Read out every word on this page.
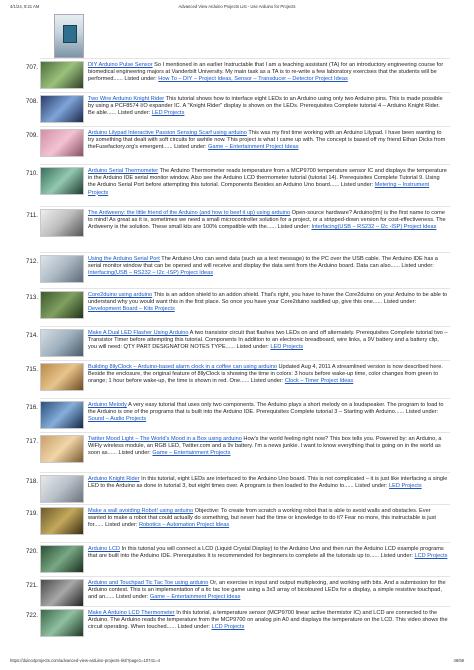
4/1/24, 9:21 AM	Advanced View Arduino Projects List - Use Arduino for Projects
707.	DIY Arduino Pulse Sensor So I mentioned in an earlier Instructable that I am a teaching assistant (TA) for an introductory engineering course for biomedical engineering majors at Vanderbilt University. My main task as a TA is to re-write a few laboratory exercises that the students will be performed...... Listed under: How To – DIY – Project Ideas, Sensor – Transducer – Detector Project Ideas
708.	Two Wire Arduino Knight Rider This tutorial shows how to interface eight LEDs to an Arduino using only two Arduino pins. This is made possible by using a PCF8574 I/O expander IC. A "Knight Rider" display is shown on the LEDs. Prerequisites Complete tutorial 4 – Arduino Knight Rider. Be able...... Listed under: LED Projects
709.	Arduino Lilypad Interactive Passion Sensing Scarf using arduino This was my first time working with an Arduino Lilypad. I have been wanting to try something that dealt with soft circuits for awhile now. This project is what I came up with. The concept is based off my friend Ethan Dicks from theFusefactory.org's emergent...... Listed under: Game – Entertainment Project Ideas
710.	Arduino Serial Thermometer The Arduino Thermometer reads temperature from a MCP9700 temperature sensor IC and displays the temperature in the Arduino IDE serial monitor window. Also see the Arduino LCD thermometer tutorial (tutorial 14). Prerequisites Complete Tutorial 9. Using the Arduino Serial Port before attempting this tutorial. Components Besides an Arduino Uno board...... Listed under: Metering – Instrument Projects
711.	The Ardweeny: the little friend of the Arduino (and how to beef it up) using arduino Open-source hardware? Arduino(tm) is the first name to come to mind! As great as it is, sometimes we need a small microcontroller solution for a project, or a stripped-down version for cost-effectiveness. The Ardweeny is the solution. These small kits are 100% compatible with the...... Listed under: Interfacing(USB – RS232 – I2c -ISP) Project Ideas
712.	Using the Arduino Serial Port The Arduino Uno can send data (such as a text message) to the PC over the USB cable. The Arduino IDE has a serial monitor window that can be opened and will receive and display the data sent from the Arduino board. Data can also...... Listed under: Interfacing(USB – RS232 – I2c -ISP) Project Ideas
713.	Core2duino using arduino This is an addon shield to an addon shield. That's right, you have to have the Core2duino on your Arduino to be able to understand why you would want this in the first place. So once you have your Core2duino saddled up, give this one...... Listed under: Development Board – Kits Projects
714.	Make A Dual LED Flasher Using Arduino A two transistor circuit that flashes two LEDs on and off alternately. Prerequisites Complete tutorial two – Transistor Timer before attempting this tutorial. Components In addition to an electronic breadboard, wire links, a 9V battery and a battery clip, you will need: QTY PART DESIGNATOR NOTES TYPE...... Listed under: LED Projects
715.	Building 8llyClock – Arduino-based alarm clock in a coffee can using arduino Updated Aug 4, 2011 A streamlined version is now described here. Beside the enclosure, the original feature of 8llyClock is showing the time in colors: 3 hours before wake-up time, color changes from green to orange; 1 hour before wake-up, the time is shown in red. One...... Listed under: Clock – Timer Project Ideas
716.	Arduino Melody A very easy tutorial that uses only two components. The Arduino plays a short melody on a loudspeaker. The program to load to the Arduino is one of the programs that is built into the Arduino IDE. Prerequisites Complete tutorial 3 – Starting with Arduino...... Listed under: Sound – Audio Projects
717.	Twitter Mood Light – The World's Mood in a Box using arduino How's the world feeling right now? This box tells you. Powered by: an Arduino, a WiFly wireless module, an RGB LED, Twitter.com and a 9v battery. I'm a news junkie. I want to know everything that is going on in the world as soon as...... Listed under: Game – Entertainment Projects
718.	Arduino Knight Rider In this tutorial, eight LEDs are interfaced to the Arduino Uno board. This is not complicated – it is just like interfacing a single LED to the Arduino as done in tutorial 3, but eight times over. A program is then loaded to the Arduino to...... Listed under: LED Projects
719.	Make a wall avoiding Robot! using arduino Objective: To create from scratch a working robot that is able to avoid walls and obstacles. Ever wanted to make a robot that could actually do something, but never had the time or knowledge to do it? Fear no more, this instructable is just for...... Listed under: Robotics – Automation Project Ideas
720.	Arduino LCD In this tutorial you will connect a LCD (Liquid Crystal Display) to the Arduino Uno and then run the Arduino LCD example programs that are built into the Arduino IDE. Prerequisites It is recommended for beginners to complete all the tutorials up to...... Listed under: LCD Projects
721.	Arduino and Touchpad Tic Tac Toe using arduino Or, an exercise in input and output multiplexing, and working with bits. And a submission for the Arduino contest. This is an implementation of a tic tac toe game using a 3x3 array of bicoloured LEDs for a display, a simple resistive touchpad, and an...... Listed under: Game – Entertainment Project Ideas
722.	Make A Arduino LCD Thermometer In this tutorial, a temperature sensor (MCP9700 linear active thermistor IC) and LCD are connected to the Arduino. The Arduino reads the temperature from the MCP9700 on analog pin A0 and displays the temperature on the LCD. This video shows the circuit operating. When touched...... Listed under: LCD Projects
https://duino4projects.com/advanced-view-arduino-projects-list/?page1=10741=4	46/59
